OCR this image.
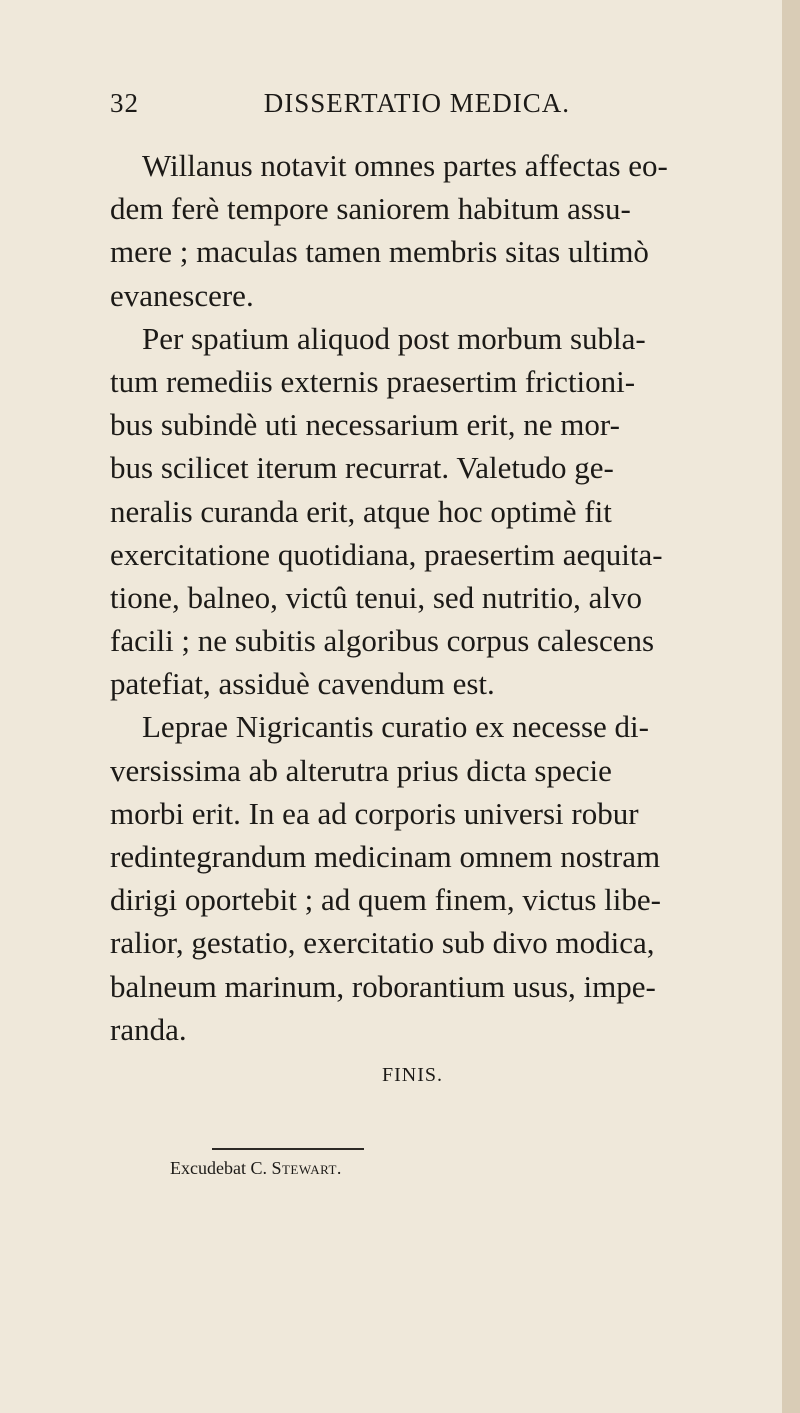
32	DISSERTATIO MEDICA.
Willanus notavit omnes partes affectas eo-
dem ferè tempore saniorem habitum assu-
mere ; maculas tamen membris sitas ultimò
evanescere.
Per spatium aliquod post morbum subla-
tum remediis externis praesertim frictioni-
bus subindè uti necessarium erit, ne mor-
bus scilicet iterum recurrat. Valetudo ge-
neralis curanda erit, atque hoc optimè fit
exercitatione quotidiana, praesertim aequita-
tione, balneo, victû tenui, sed nutritio, alvo
facili ; ne subitis algoribus corpus calescens
patefiat, assiduè cavendum est.
Leprae Nigricantis curatio ex necesse di-
versissima ab alterutra prius dicta specie
morbi erit. In ea ad corporis universi robur
redintegrandum medicinam omnem nostram
dirigi oportebit ; ad quem finem, victus libe-
ralior, gestatio, exercitatio sub divo modica,
balneum marinum, roborantium usus, impe-
randa.
FINIS.
Excudebat C. Stewart.
